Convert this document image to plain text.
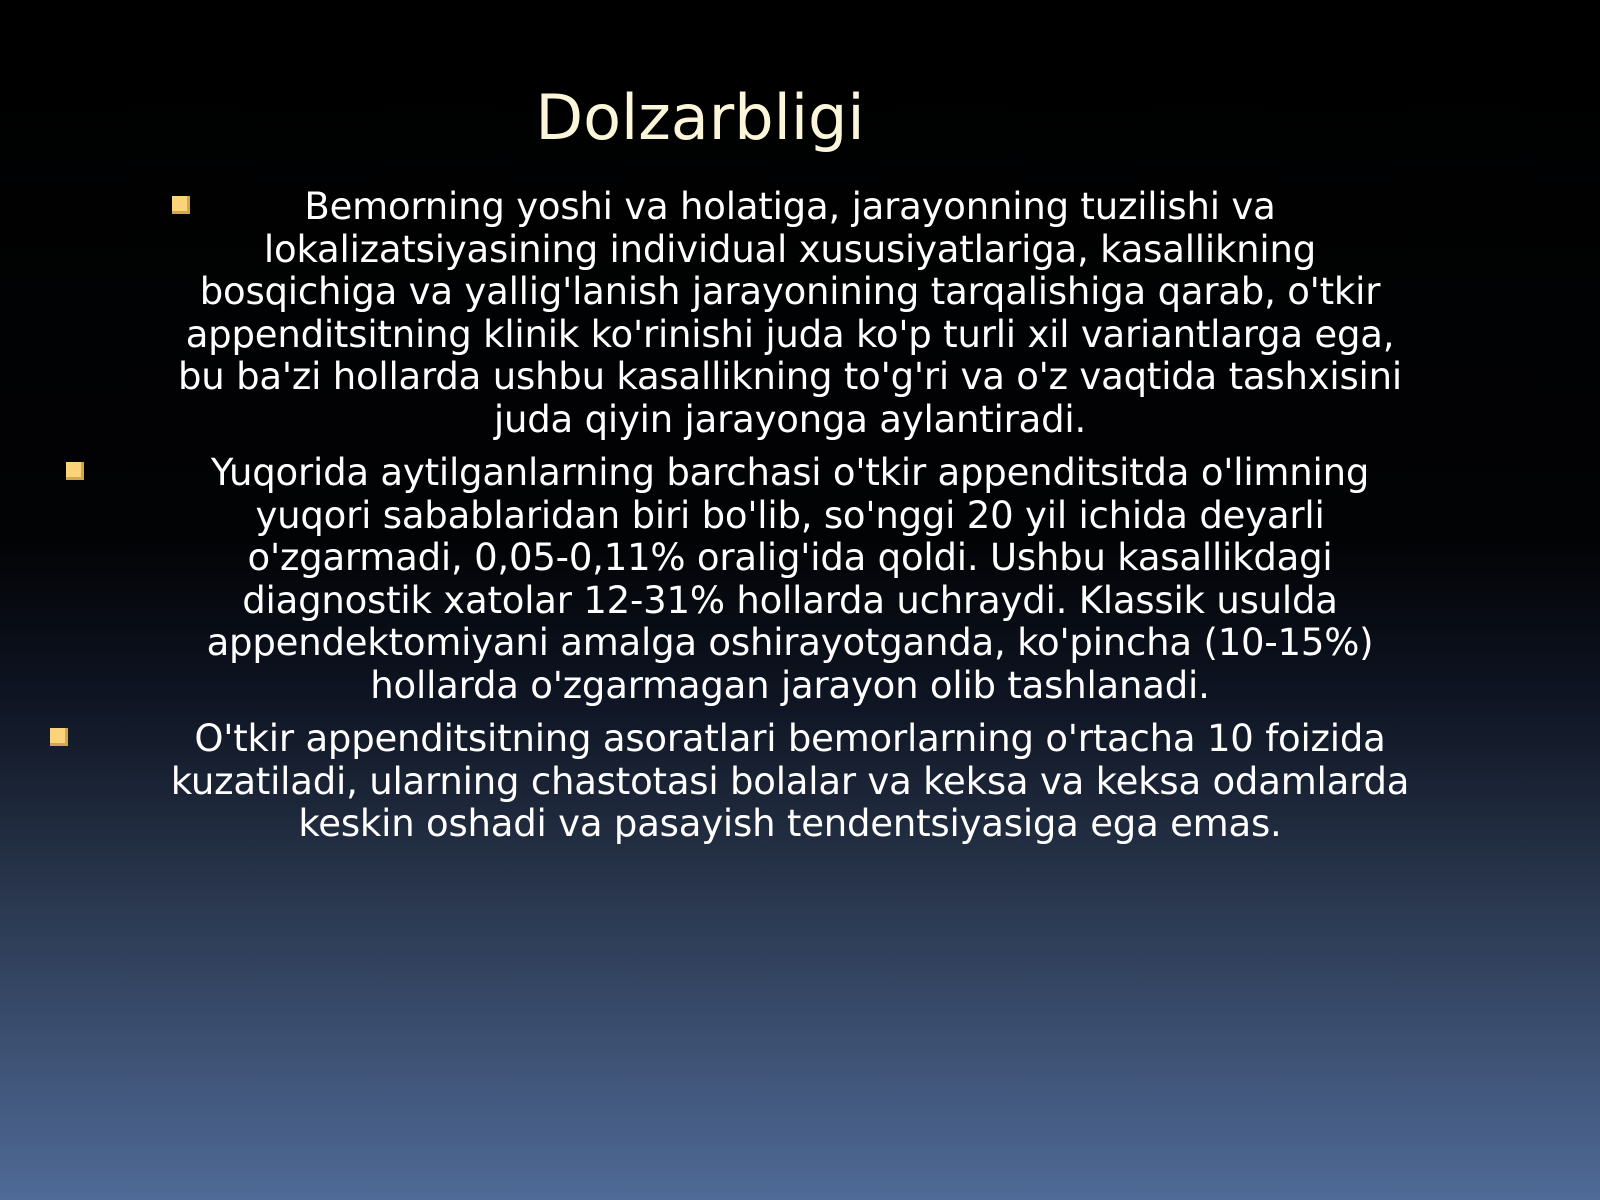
Dolzarbligi
Bemorning yoshi va holatiga, jarayonning tuzilishi va
lokalizatsiyasining individual xususiyatlariga, kasallikning
bosqichiga va yallig'lanish jarayonining tarqalishiga qarab, o'tkir
appenditsitning klinik ko'rinishi juda ko'p turli xil variantlarga ega,
bu ba'zi hollarda ushbu kasallikning to'g'ri va o'z vaqtida tashxisini
juda qiyin jarayonga aylantiradi.
Yuqorida aytilganlarning barchasi o'tkir appenditsitda o'limning
yuqori sabablaridan biri bo'lib, so'nggi 20 yil ichida deyarli
o'zgarmadi, 0,05-0,11% oralig'ida qoldi. Ushbu kasallikdagi
diagnostik xatolar 12-31% hollarda uchraydi. Klassik usulda
appendektomiyani amalga oshirayotganda, ko'pincha (10-15%)
hollarda o'zgarmagan jarayon olib tashlanadi.
O'tkir appenditsitning asoratlari bemorlarning o'rtacha 10 foizida
kuzatiladi, ularning chastotasi bolalar va keksa va keksa odamlarda
keskin oshadi va pasayish tendentsiyasiga ega emas.
